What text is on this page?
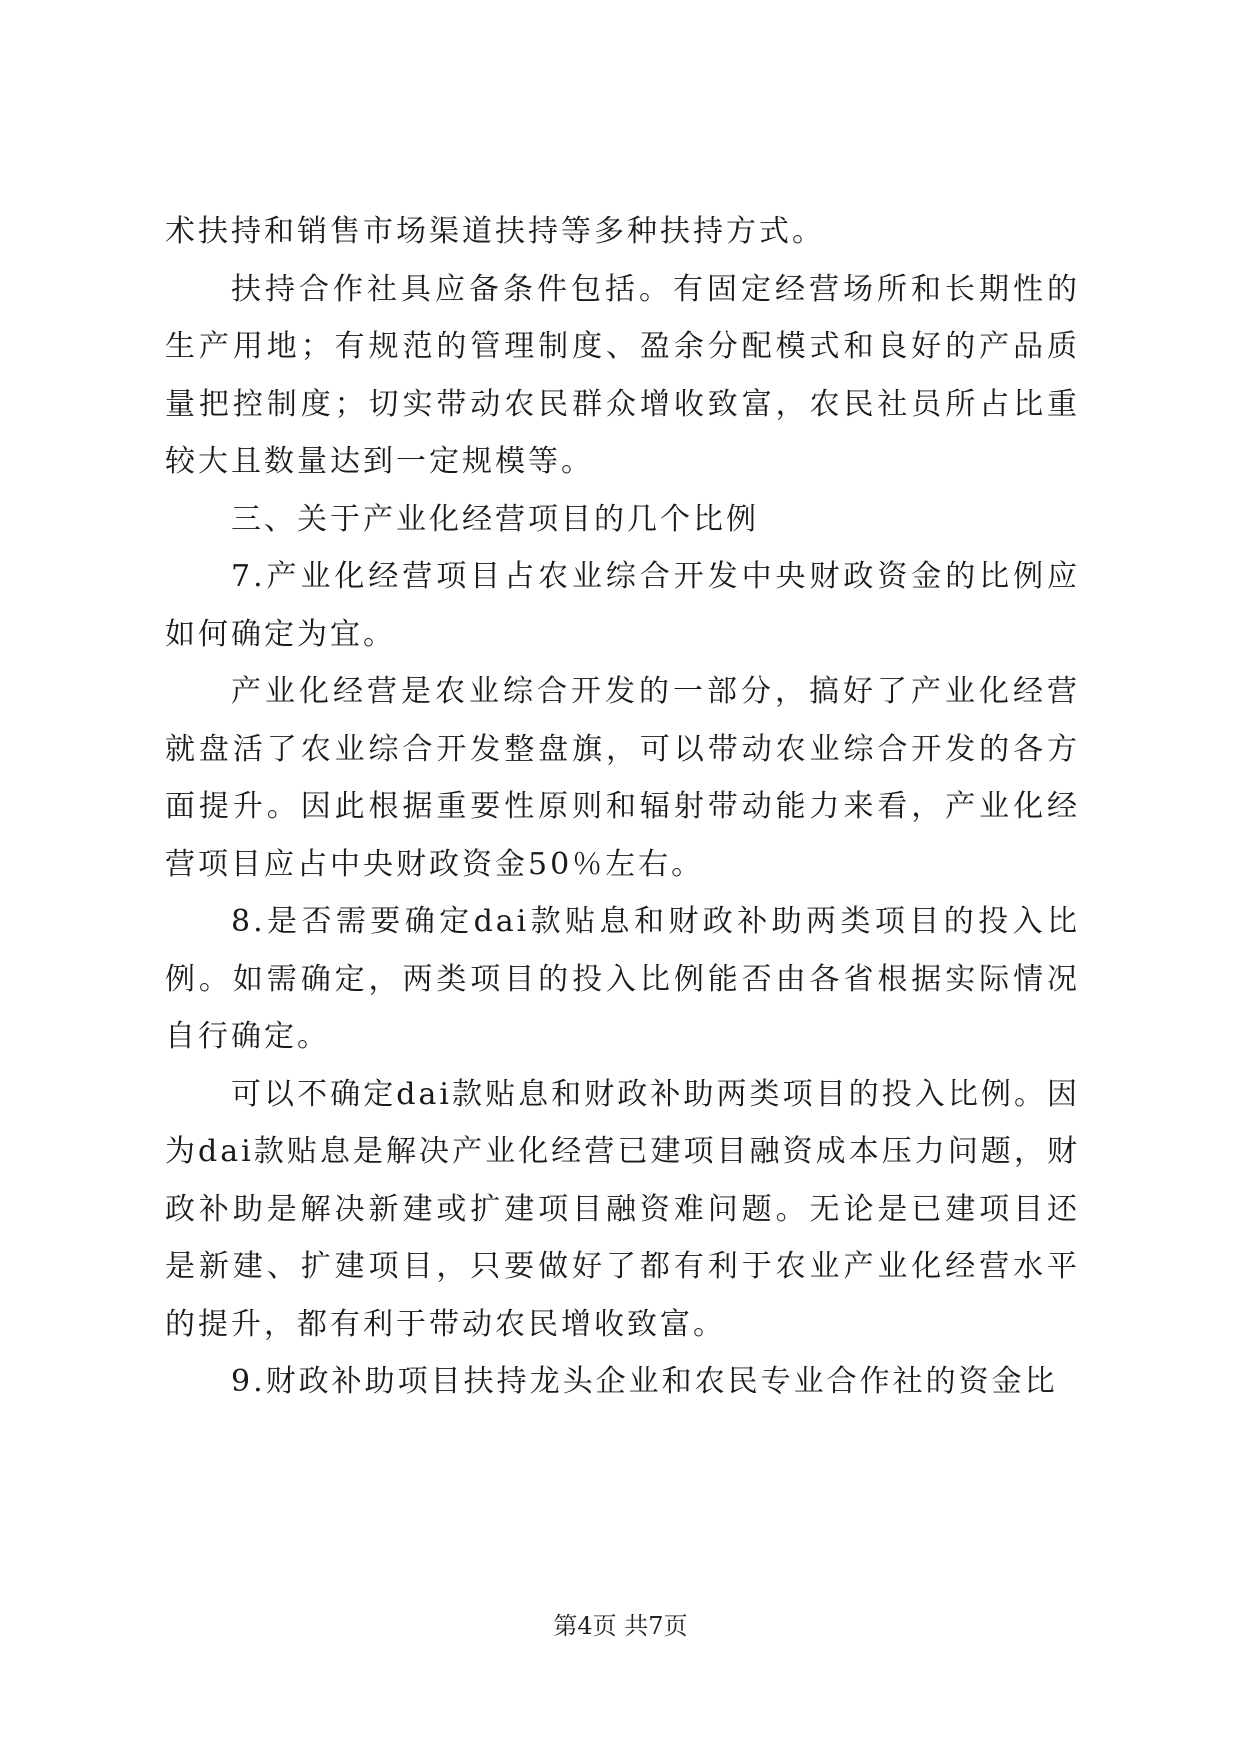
术扶持和销售市场渠道扶持等多种扶持方式。

扶持合作社具应备条件包括。有固定经营场所和长期性的生产用地；有规范的管理制度、盈余分配模式和良好的产品质量把控制度；切实带动农民群众增收致富，农民社员所占比重较大且数量达到一定规模等。

三、关于产业化经营项目的几个比例

7.产业化经营项目占农业综合开发中央财政资金的比例应如何确定为宜。

产业化经营是农业综合开发的一部分，搞好了产业化经营就盘活了农业综合开发整盘旗，可以带动农业综合开发的各方面提升。因此根据重要性原则和辐射带动能力来看，产业化经营项目应占中央财政资金50％左右。

8.是否需要确定dai款贴息和财政补助两类项目的投入比例。如需确定，两类项目的投入比例能否由各省根据实际情况自行确定。

可以不确定dai款贴息和财政补助两类项目的投入比例。因为dai款贴息是解决产业化经营已建项目融资成本压力问题，财政补助是解决新建或扩建项目融资难问题。无论是已建项目还是新建、扩建项目，只要做好了都有利于农业产业化经营水平的提升，都有利于带动农民增收致富。

9.财政补助项目扶持龙头企业和农民专业合作社的资金比

第4页 共7页
